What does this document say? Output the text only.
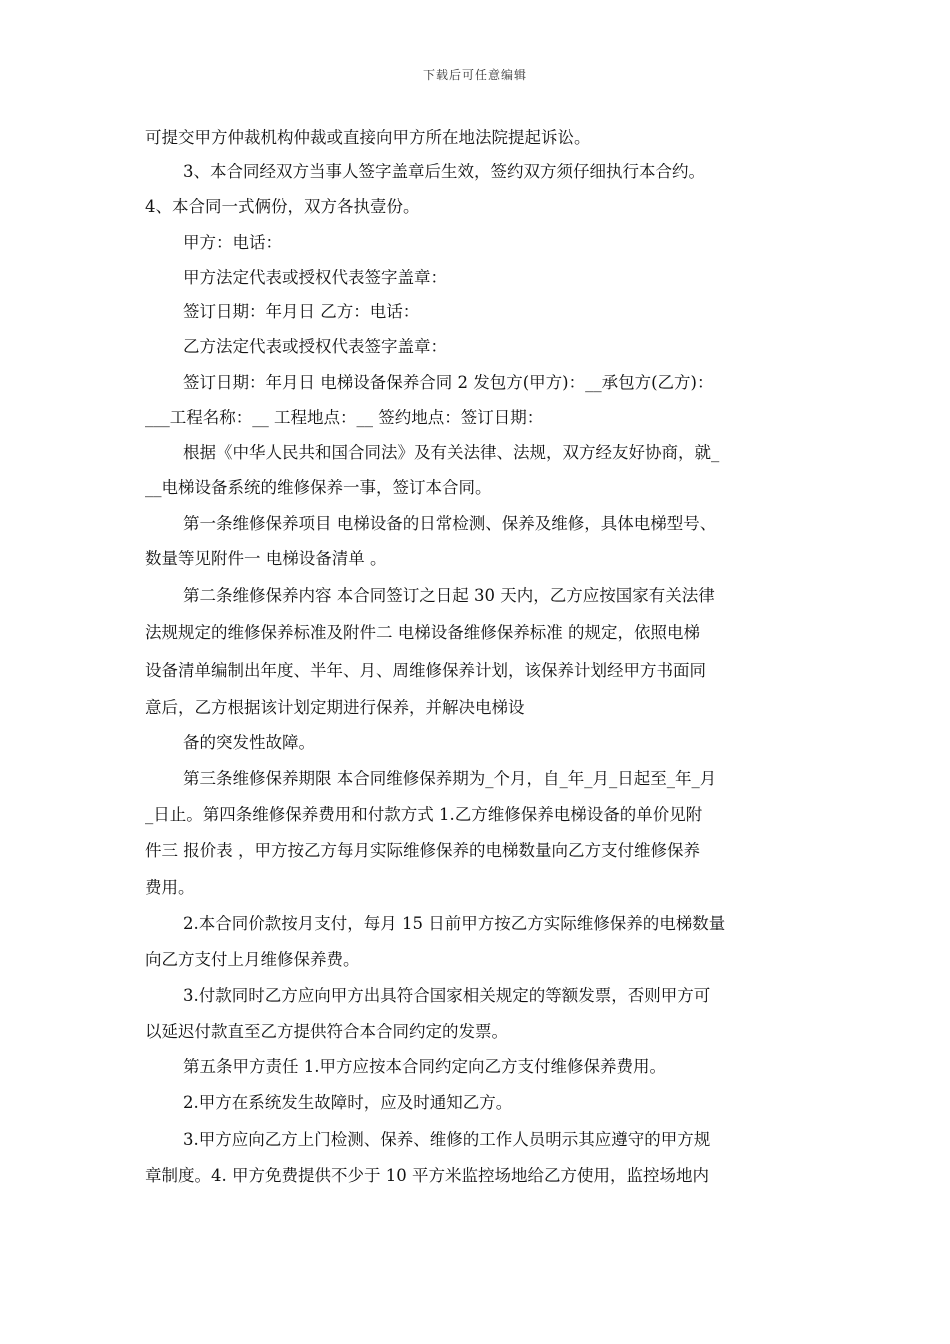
下载后可任意编辑
可提交甲方仲裁机构仲裁或直接向甲方所在地法院提起诉讼。
3、本合同经双方当事人签字盖章后生效，签约双方须仔细执行本合约。
4、本合同一式俩份，双方各执壹份。
甲方：电话：
甲方法定代表或授权代表签字盖章：
签订日期：年月日 乙方：电话：
乙方法定代表或授权代表签字盖章：
签订日期：年月日 电梯设备保养合同 2 发包方(甲方)：__承包方(乙方)：
___工程名称：__ 工程地点：__ 签约地点：签订日期：
根据《中华人民共和国合同法》及有关法律、法规，双方经友好协商，就_
__电梯设备系统的维修保养一事，签订本合同。
第一条维修保养项目 电梯设备的日常检测、保养及维修，具体电梯型号、
数量等见附件一 电梯设备清单 。
第二条维修保养内容 本合同签订之日起 30 天内，乙方应按国家有关法律
法规规定的维修保养标准及附件二 电梯设备维修保养标准 的规定，依照电梯
设备清单编制出年度、半年、月、周维修保养计划，该保养计划经甲方书面同
意后，乙方根据该计划定期进行保养，并解决电梯设
备的突发性故障。
第三条维修保养期限 本合同维修保养期为_个月，自_年_月_日起至_年_月
_日止。第四条维修保养费用和付款方式 1.乙方维修保养电梯设备的单价见附
件三 报价表 ，甲方按乙方每月实际维修保养的电梯数量向乙方支付维修保养
费用。
2.本合同价款按月支付，每月 15 日前甲方按乙方实际维修保养的电梯数量
向乙方支付上月维修保养费。
3.付款同时乙方应向甲方出具符合国家相关规定的等额发票，否则甲方可
以延迟付款直至乙方提供符合本合同约定的发票。
第五条甲方责任 1.甲方应按本合同约定向乙方支付维修保养费用。
2.甲方在系统发生故障时，应及时通知乙方。
3.甲方应向乙方上门检测、保养、维修的工作人员明示其应遵守的甲方规
章制度。4. 甲方免费提供不少于 10 平方米监控场地给乙方使用，监控场地内
